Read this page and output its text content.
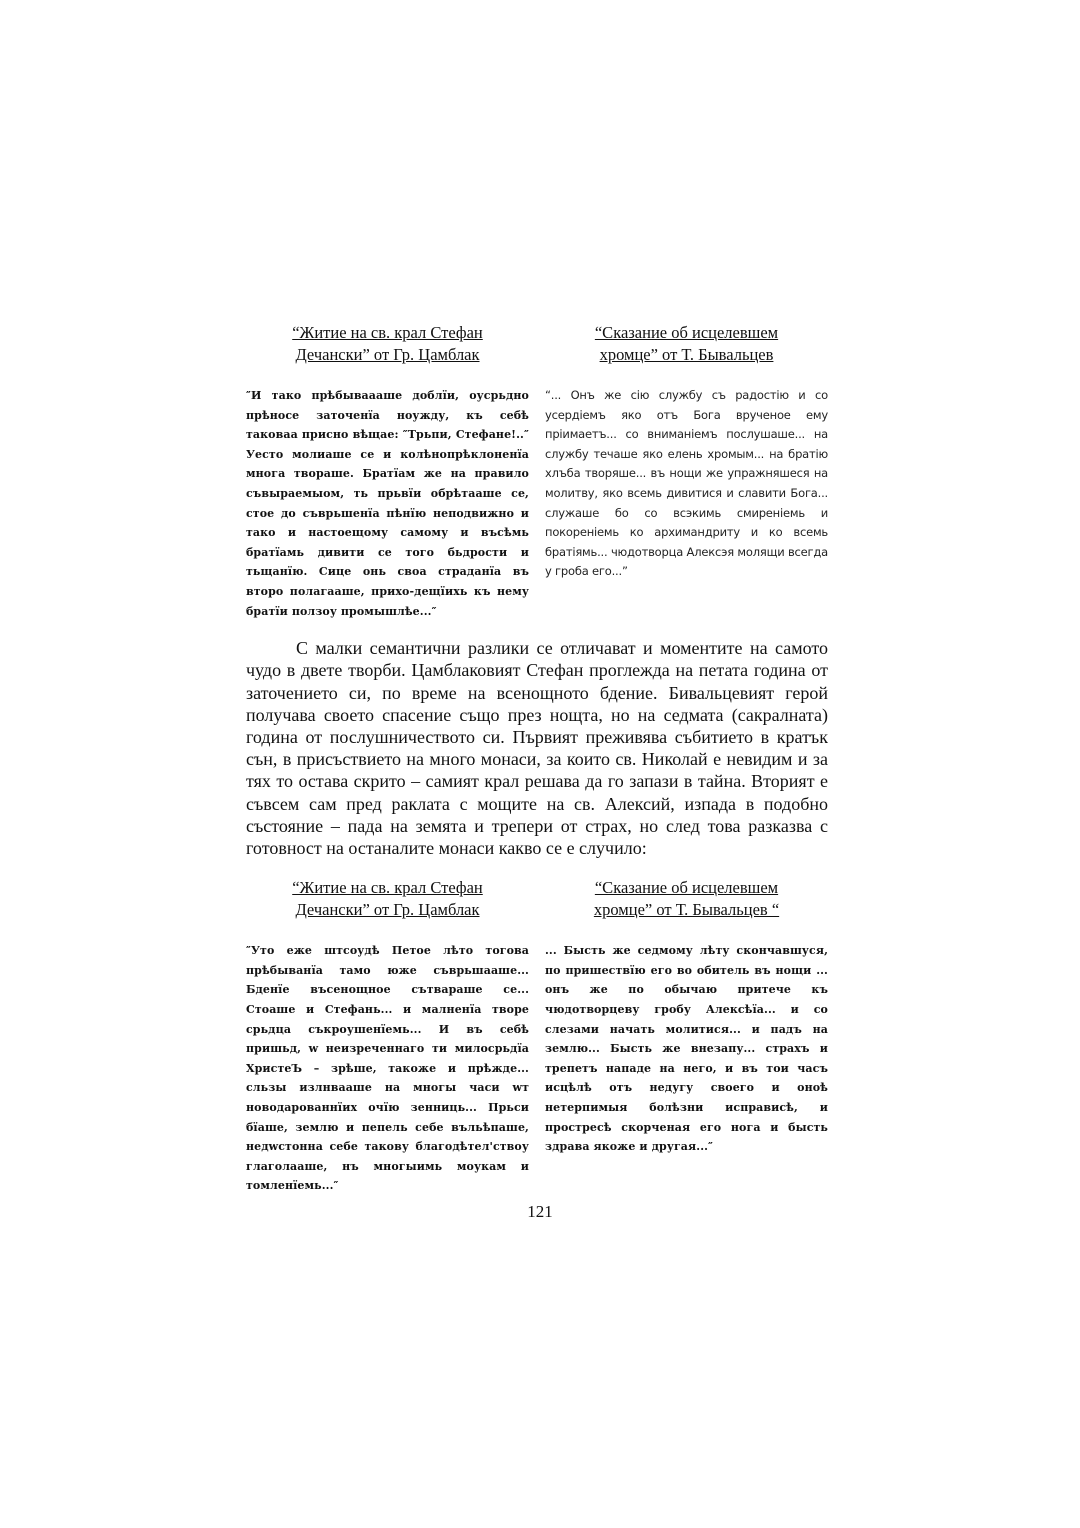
“Житие на св. крал Стефан
Дечански” от Гр. Цамблак

″И тако прѣбываааше доблїи, оусрьдно прѣносе заточенїа ноужду, къ себѣ таковаа присно вѣщае: ″Трьпи, Стефане!..″ Уесто молиаше се и колѣнопрѣклоненїа многа твораше. Братїам же на правило съвыраемыом, ть прьвїи обрѣтааше се, стое до съврьшенїа пѣнїю неподвижно и тако и настоещому самому и въсѣмь братїамь дивити се того бьдрости и тьщанїю. Сице онь своа страданїа въ второ полагааше, прихо-дещїихь къ нему братїи ползоу промышлѣе...″

“Сказание об исцелевшем
хромце” от Т. Бывальцев

“... Онъ же сію службу съ радостію и со усердіемъ яко отъ Бога врученое ему пріимаетъ... со вниманіемъ послушаше... на службу течаше яко елень хромым... на братію хлъба творяше... въ нощи же упражняшеся на молитву, яко всемь дивитися и славити Бога... служаше бо со всэкимь смиреніемь и покореніемь ко архимандриту и ко всемь братіямь... чюдотворца Алексэя молящи всегда у гроба его...”

С малки семантични разлики се отличават и моментите на самото чудо в двете творби. Цамблаковият Стефан проглежда на петата година от заточението си, по време на всенощното бдение. Бивальцевият герой получава своето спасение също през нощта, но на седмата (сакралната) година от послушничеството си. Първият преживява събитието в кратък сън, в присъствието на много монаси, за които св. Николай е невидим и за тях то остава скрито – самият крал решава да го запази в тайна. Вторият е съвсем сам пред раклата с мощите на св. Алексий, изпада в подобно състояние – пада на земята и трепери от страх, но след това разказва с готовност на останалите монаси какво се е случило:

“Житие на св. крал Стефан
Дечански” от Гр. Цамблак

″Уто еже штсоудѣ Петое лѣто тогова прѣбыванїа тамо юже съврьшааше... Бденїе въсенощное сътвараше се... Стоаше и Стефань... и малненїа творе срьдца съкроушенїемь... И въ себѣ пришьд, w неизреченнаго ти милосрьдїа ХристеЪ – зрѣше, такоже и прѣжде... сльзы излнвааше на многы часи wт новодарованнїих очїю зенниць... Прьси бїаше, землю и пепель себе въльѣпаше, недwстонна себе такову благодѣтел'ствоу глаголааше, нъ многыимь моукам и томленїемь...″

“Сказание об исцелевшем
хромце” от Т. Бывальцев “

... Бысть же седмому лѣту скончавшуся, по пришествїю его во обитель въ нощи ... онъ же по обычаю притече къ чюдотворцеву гробу Алексѣїа... и со слезами начать молитися... и падъ на землю... Бысть же внезапу... страхъ и трепетъ нападе на него, и въ тои часъ исцѣлѣ отъ недугу своего и оноѣ нетерпимыя болѣзни исправисѣ, и простресѣ скорченая его нога и бысть здрава якоже и другая...″
121
